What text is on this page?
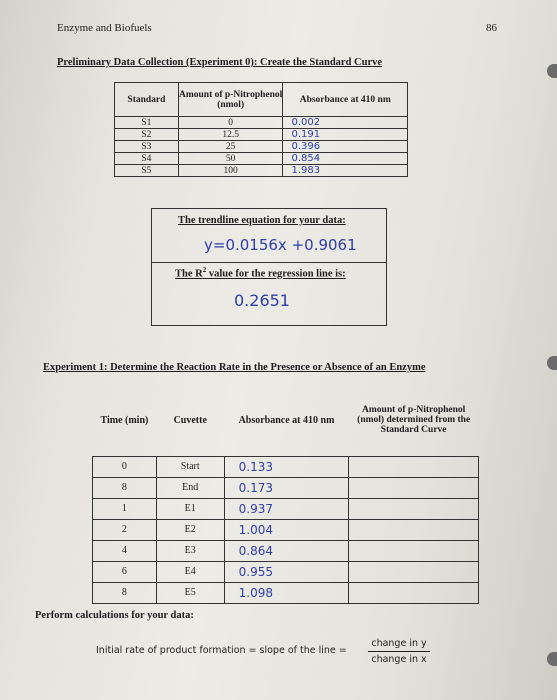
Enzyme and Biofuels	86
Preliminary Data Collection (Experiment 0): Create the Standard Curve
Standard	Amount of p-Nitrophenol (nmol)	Absorbance at 410 nm
S1	0	0.002
S2	12.5	0.191
S3	25	0.396
S4	50	0.854
S5	100	1.983
The trendline equation for your data:
y=0.0156x +0.9061
The $R^2$ value for the regression line is:
0.2651
Experiment 1: Determine the Reaction Rate in the Presence or Absence of an Enzyme
Time (min)	Cuvette	Absorbance at 410 nm	Amount of p-Nitrophenol (nmol) determined from the Standard Curve
0	Start	0.133	
8	End	0.173	
1	E1	0.937	
2	E2	1.004	
4	E3	0.864	
6	E4	0.955	
8	E5	1.098	
Perform calculations for your data:
Initial rate of product formation = slope of the line =
change in y
change in x
